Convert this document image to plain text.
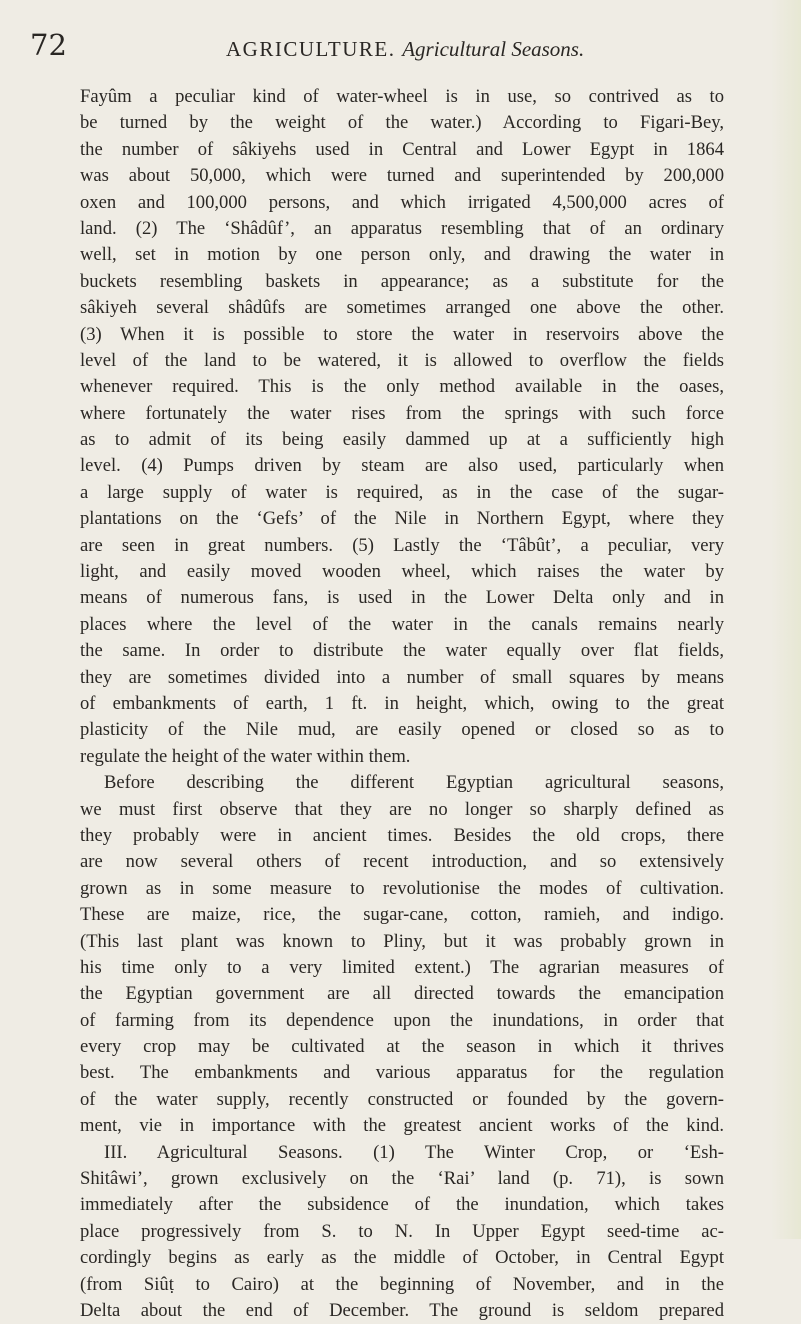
72	AGRICULTURE. Agricultural Seasons.
Fayûm a peculiar kind of water-wheel is in use, so contrived as to
be turned by the weight of the water.) According to Figari-Bey,
the number of sâkiyehs used in Central and Lower Egypt in 1864
was about 50,000, which were turned and superintended by 200,000
oxen and 100,000 persons, and which irrigated 4,500,000 acres of
land. (2) The ‘Shâdûf’, an apparatus resembling that of an ordinary
well, set in motion by one person only, and drawing the water in
buckets resembling baskets in appearance; as a substitute for the
sâkiyeh several shâdûfs are sometimes arranged one above the other.
(3) When it is possible to store the water in reservoirs above the
level of the land to be watered, it is allowed to overflow the fields
whenever required. This is the only method available in the oases,
where fortunately the water rises from the springs with such force
as to admit of its being easily dammed up at a sufficiently high
level. (4) Pumps driven by steam are also used, particularly when
a large supply of water is required, as in the case of the sugar-
plantations on the ‘Gefs’ of the Nile in Northern Egypt, where they
are seen in great numbers. (5) Lastly the ‘Tâbût’, a peculiar, very
light, and easily moved wooden wheel, which raises the water by
means of numerous fans, is used in the Lower Delta only and in
places where the level of the water in the canals remains nearly
the same. In order to distribute the water equally over flat fields,
they are sometimes divided into a number of small squares by means
of embankments of earth, 1 ft. in height, which, owing to the great
plasticity of the Nile mud, are easily opened or closed so as to
regulate the height of the water within them.
Before describing the different Egyptian agricultural seasons,
we must first observe that they are no longer so sharply defined as
they probably were in ancient times. Besides the old crops, there
are now several others of recent introduction, and so extensively
grown as in some measure to revolutionise the modes of cultivation.
These are maize, rice, the sugar-cane, cotton, ramieh, and indigo.
(This last plant was known to Pliny, but it was probably grown in
his time only to a very limited extent.) The agrarian measures of
the Egyptian government are all directed towards the emancipation
of farming from its dependence upon the inundations, in order that
every crop may be cultivated at the season in which it thrives
best. The embankments and various apparatus for the regulation
of the water supply, recently constructed or founded by the govern-
ment, vie in importance with the greatest ancient works of the kind.
III. Agricultural Seasons. (1) The Winter Crop, or ‘Esh-
Shitâwi’, grown exclusively on the ‘Rai’ land (p. 71), is sown
immediately after the subsidence of the inundation, which takes
place progressively from S. to N. In Upper Egypt seed-time ac-
cordingly begins as early as the middle of October, in Central Egypt
(from Siûṭ to Cairo) at the beginning of November, and in the
Delta about the end of December. The ground is seldom prepared
